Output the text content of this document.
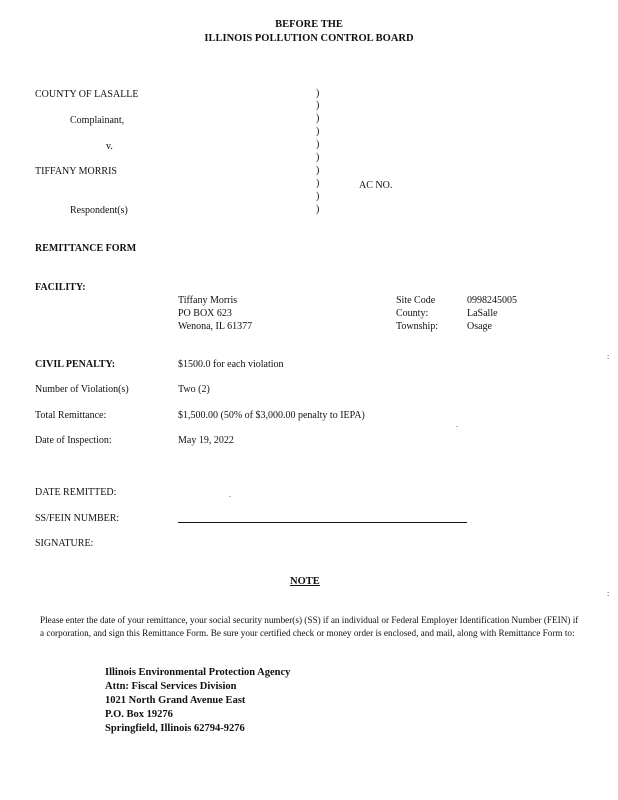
BEFORE THE
ILLINOIS POLLUTION CONTROL BOARD
COUNTY OF LASALLE
Complainant,
v.
TIFFANY MORRIS
Respondent(s)
AC NO.
)
)
)
)
)
)
)
)
)
)
REMITTANCE FORM
FACILITY:
Tiffany Morris
PO BOX 623
Wenona, IL 61377
Site Code	0998245005
County:	LaSalle
Township:	Osage
CIVIL PENALTY:	$1500.0 for each violation
Number of Violation(s)	Two (2)
Total Remittance:	$1,500.00 (50% of $3,000.00 penalty to IEPA)
Date of Inspection:	May 19, 2022
DATE REMITTED:
SS/FEIN NUMBER:
SIGNATURE:
NOTE
Please enter the date of your remittance, your social security number(s) (SS) if an individual or Federal Employer Identification Number (FEIN) if a corporation, and sign this Remittance Form. Be sure your certified check or money order is enclosed, and mail, along with Remittance Form to:
Illinois Environmental Protection Agency
Attn: Fiscal Services Division
1021 North Grand Avenue East
P.O. Box 19276
Springfield, Illinois 62794-9276
:
:
.
.
